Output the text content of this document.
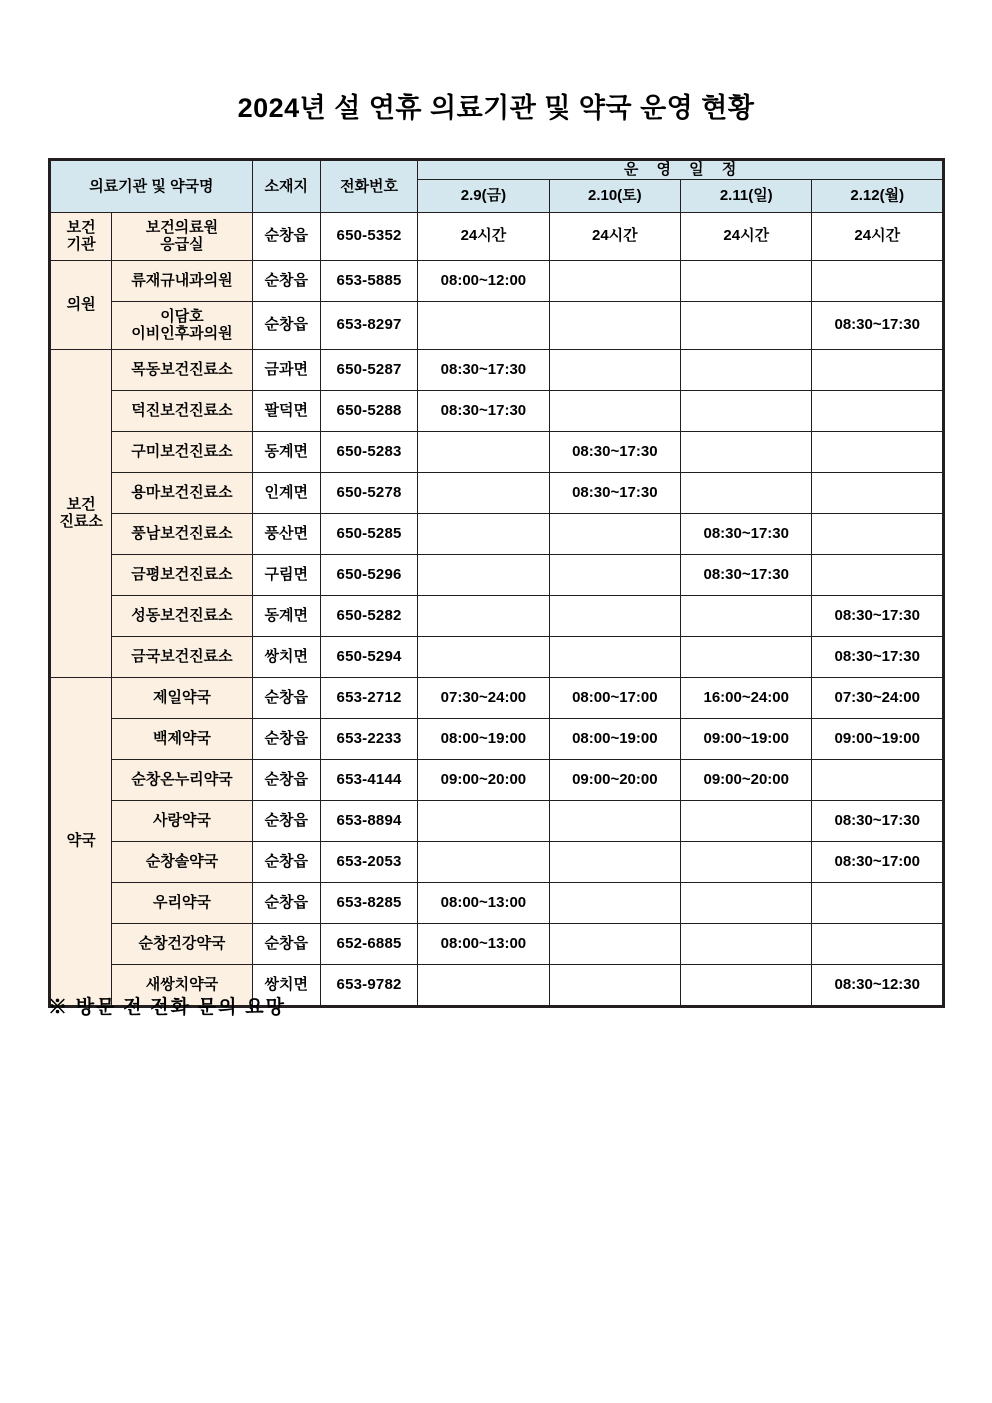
2024년 설 연휴 의료기관 및 약국 운영 현황
의료기관 및 약국명		소재지	전화번호	운 영 일 정			
				2.9(금)	2.10(토)	2.11(일)	2.12(월)

보건
기관

보건의료원
응급실
	순창읍	650-5352	24시간	24시간	24시간	24시간
의원	류재규내과의원	순창읍	653-5885	08:00~12:00			

	이담호
이비인후과의원	순창읍	653-8297				08:30~17:30

보건
진료소	목동보건진료소	금과면	650-5287	08:30~17:30			
	덕진보건진료소	팔덕면	650-5288	08:30~17:30			
	구미보건진료소	동계면	650-5283		08:30~17:30		
	용마보건진료소	인계면	650-5278		08:30~17:30		
	풍남보건진료소	풍산면	650-5285			08:30~17:30	
	금평보건진료소	구림면	650-5296			08:30~17:30	
	성동보건진료소	동계면	650-5282				08:30~17:30
	금국보건진료소	쌍치면	650-5294				08:30~17:30
약국	제일약국	순창읍	653-2712	07:30~24:00	08:00~17:00	16:00~24:00	07:30~24:00
	백제약국	순창읍	653-2233	08:00~19:00	08:00~19:00	09:00~19:00	09:00~19:00
	순창온누리약국	순창읍	653-4144	09:00~20:00	09:00~20:00	09:00~20:00	
	사랑약국	순창읍	653-8894				08:30~17:30
	순창솔약국	순창읍	653-2053				08:30~17:00
	우리약국	순창읍	653-8285	08:00~13:00			
	순창건강약국	순창읍	652-6885	08:00~13:00			
	새쌍치약국	쌍치면	653-9782				08:30~12:30
※ 방문 전 전화 문의 요망
